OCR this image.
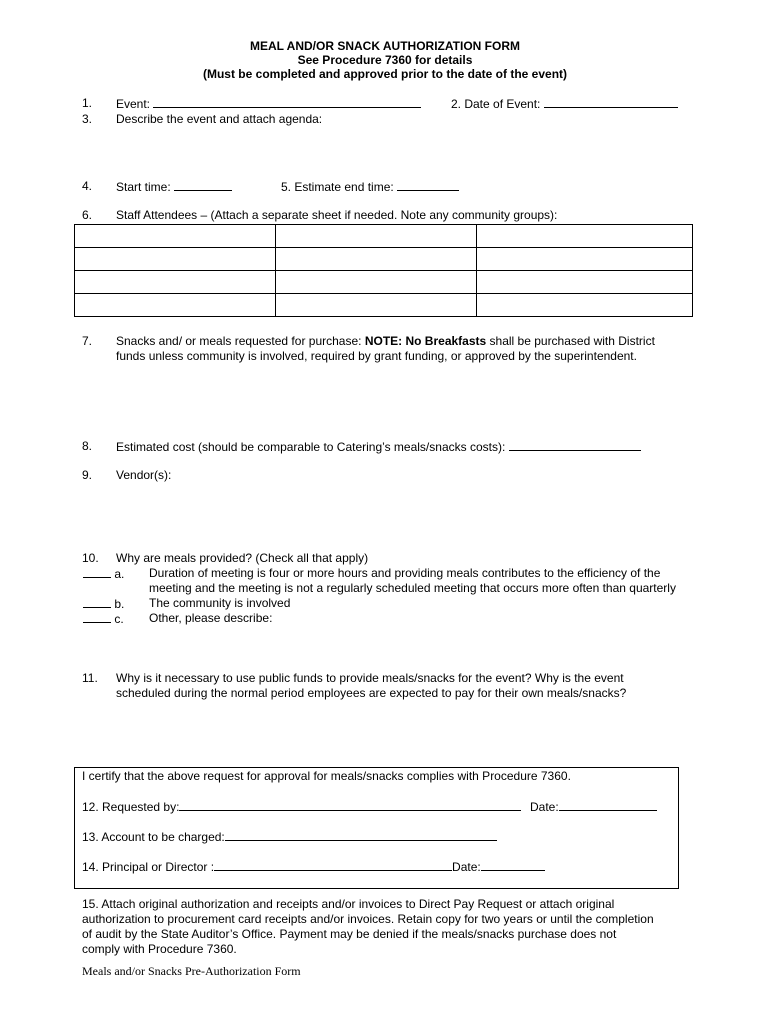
MEAL AND/OR SNACK AUTHORIZATION FORM
See Procedure 7360 for details
(Must be completed and approved prior to the date of the event)
1. Event:	2. Date of Event:
3. Describe the event and attach agenda:
4. Start time:	5. Estimate end time:
6. Staff Attendees – (Attach a separate sheet if needed. Note any community groups):

7. Snacks and/ or meals requested for purchase: NOTE: No Breakfasts shall be purchased with District
funds unless community is involved, required by grant funding, or approved by the superintendent.
8. Estimated cost (should be comparable to Catering’s meals/snacks costs):
9. Vendor(s):
10. Why are meals provided? (Check all that apply)
a. Duration of meeting is four or more hours and providing meals contributes to the efficiency of the
meeting and the meeting is not a regularly scheduled meeting that occurs more often than quarterly
b. The community is involved
c. Other, please describe:
11. Why is it necessary to use public funds to provide meals/snacks for the event? Why is the event
scheduled during the normal period employees are expected to pay for their own meals/snacks?
I certify that the above request for approval for meals/snacks complies with Procedure 7360.
12. Requested by:	Date:
13. Account to be charged:
14. Principal or Director :	Date:
15. Attach original authorization and receipts and/or invoices to Direct Pay Request or attach original
authorization to procurement card receipts and/or invoices. Retain copy for two years or until the completion
of audit by the State Auditor’s Office. Payment may be denied if the meals/snacks purchase does not
comply with Procedure 7360.
Meals and/or Snacks Pre-Authorization Form
